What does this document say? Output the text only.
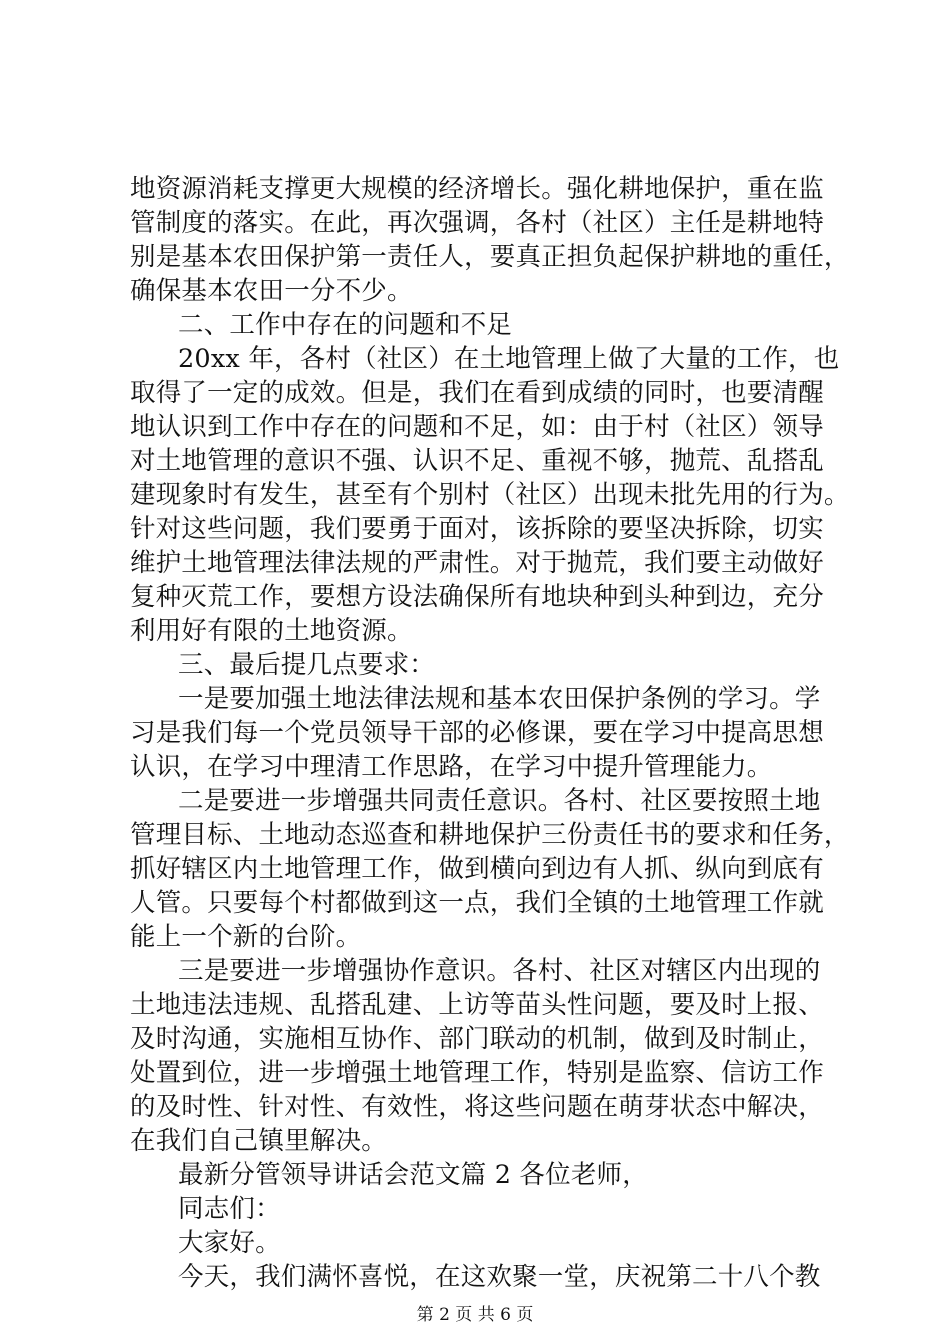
地资源消耗支撑更大规模的经济增长。强化耕地保护，重在监
管制度的落实。在此，再次强调，各村（社区）主任是耕地特
别是基本农田保护第一责任人，要真正担负起保护耕地的重任，
确保基本农田一分不少。
二、工作中存在的问题和不足
20xx 年，各村（社区）在土地管理上做了大量的工作，也
取得了一定的成效。但是，我们在看到成绩的同时，也要清醒
地认识到工作中存在的问题和不足，如：由于村（社区）领导
对土地管理的意识不强、认识不足、重视不够，抛荒、乱搭乱
建现象时有发生，甚至有个别村（社区）出现未批先用的行为。
针对这些问题，我们要勇于面对，该拆除的要坚决拆除，切实
维护土地管理法律法规的严肃性。对于抛荒，我们要主动做好
复种灭荒工作，要想方设法确保所有地块种到头种到边，充分
利用好有限的土地资源。
三、最后提几点要求：
一是要加强土地法律法规和基本农田保护条例的学习。学
习是我们每一个党员领导干部的必修课，要在学习中提高思想
认识，在学习中理清工作思路，在学习中提升管理能力。
二是要进一步增强共同责任意识。各村、社区要按照土地
管理目标、土地动态巡查和耕地保护三份责任书的要求和任务，
抓好辖区内土地管理工作，做到横向到边有人抓、纵向到底有
人管。只要每个村都做到这一点，我们全镇的土地管理工作就
能上一个新的台阶。
三是要进一步增强协作意识。各村、社区对辖区内出现的
土地违法违规、乱搭乱建、上访等苗头性问题，要及时上报、
及时沟通，实施相互协作、部门联动的机制，做到及时制止，
处置到位，进一步增强土地管理工作，特别是监察、信访工作
的及时性、针对性、有效性，将这些问题在萌芽状态中解决，
在我们自己镇里解决。
最新分管领导讲话会范文篇 2 各位老师，
同志们：
大家好。
今天，我们满怀喜悦，在这欢聚一堂，庆祝第二十八个教
第 2 页 共 6 页
